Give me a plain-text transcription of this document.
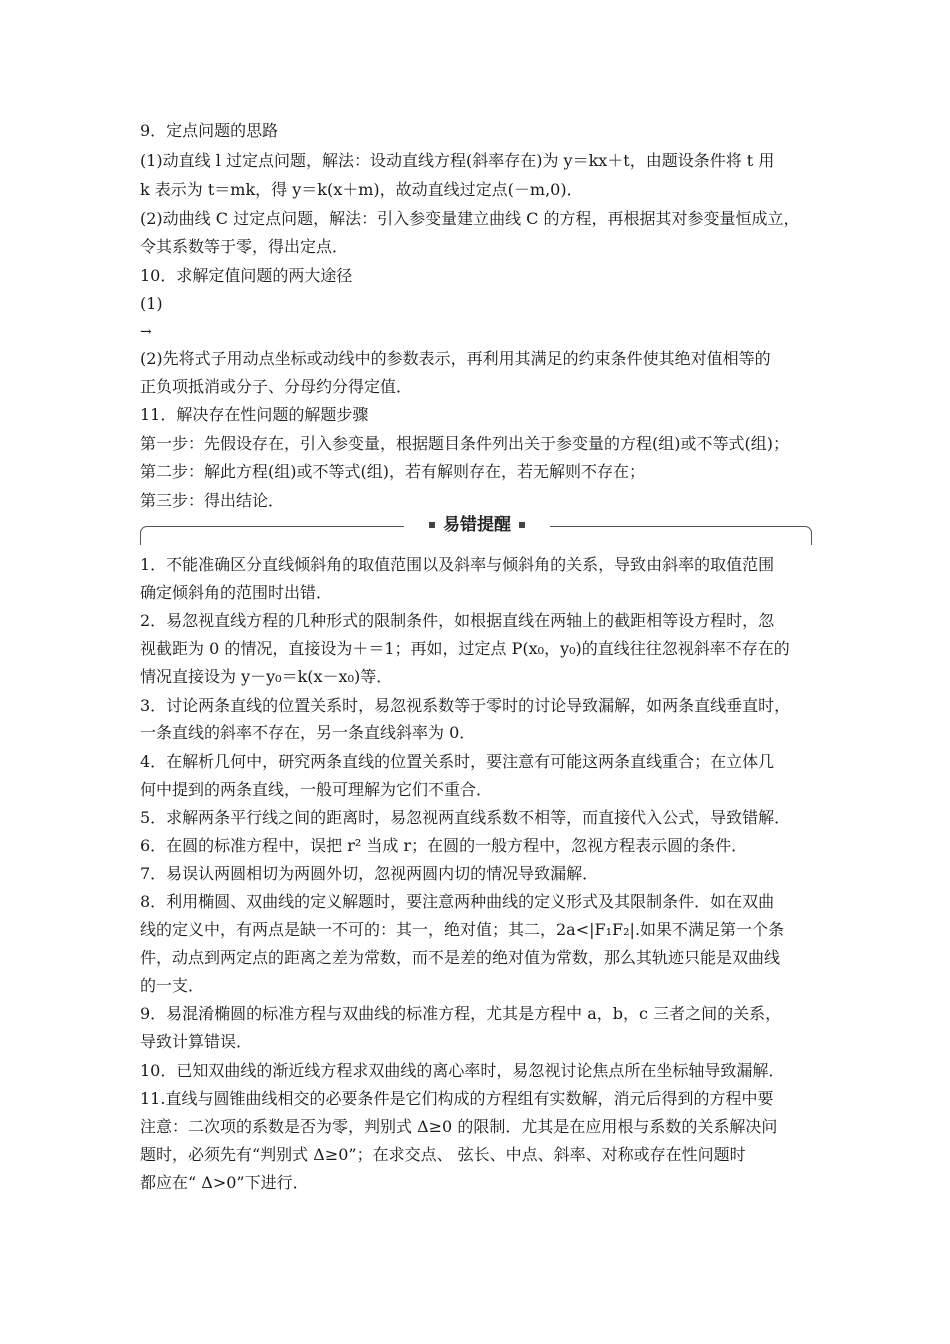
9．定点问题的思路
(1)动直线 l 过定点问题，解法：设动直线方程(斜率存在)为 y＝kx＋t，由题设条件将 t 用
k 表示为 t＝mk，得 y＝k(x＋m)，故动直线过定点(－m,0)．
(2)动曲线 C 过定点问题，解法：引入参变量建立曲线 C 的方程，再根据其对参变量恒成立，
令其系数等于零，得出定点．
10．求解定值问题的两大途径
(1)
→
(2)先将式子用动点坐标或动线中的参数表示，再利用其满足的约束条件使其绝对值相等的
正负项抵消或分子、分母约分得定值．
11．解决存在性问题的解题步骤
第一步：先假设存在，引入参变量，根据题目条件列出关于参变量的方程(组)或不等式(组)；
第二步：解此方程(组)或不等式(组)，若有解则存在，若无解则不存在；
第三步：得出结论．
易错提醒
1．不能准确区分直线倾斜角的取值范围以及斜率与倾斜角的关系，导致由斜率的取值范围
确定倾斜角的范围时出错．
2．易忽视直线方程的几种形式的限制条件，如根据直线在两轴上的截距相等设方程时，忽
视截距为 0 的情况，直接设为＋＝1；再如，过定点 P(x₀，y₀)的直线往往忽视斜率不存在的
情况直接设为 y－y₀＝k(x－x₀)等．
3．讨论两条直线的位置关系时，易忽视系数等于零时的讨论导致漏解，如两条直线垂直时，
一条直线的斜率不存在，另一条直线斜率为 0．
4．在解析几何中，研究两条直线的位置关系时，要注意有可能这两条直线重合；在立体几
何中提到的两条直线，一般可理解为它们不重合．
5．求解两条平行线之间的距离时，易忽视两直线系数不相等，而直接代入公式，导致错解．
6．在圆的标准方程中，误把 r² 当成 r；在圆的一般方程中，忽视方程表示圆的条件．
7．易误认两圆相切为两圆外切，忽视两圆内切的情况导致漏解．
8．利用椭圆、双曲线的定义解题时，要注意两种曲线的定义形式及其限制条件．如在双曲
线的定义中，有两点是缺一不可的：其一，绝对值；其二，2a<|F₁F₂|.如果不满足第一个条
件，动点到两定点的距离之差为常数，而不是差的绝对值为常数，那么其轨迹只能是双曲线
的一支．
9．易混淆椭圆的标准方程与双曲线的标准方程，尤其是方程中 a，b，c 三者之间的关系，
导致计算错误．
10．已知双曲线的渐近线方程求双曲线的离心率时，易忽视讨论焦点所在坐标轴导致漏解．
11.直线与圆锥曲线相交的必要条件是它们构成的方程组有实数解，消元后得到的方程中要
注意：二次项的系数是否为零，判别式 Δ≥0 的限制．尤其是在应用根与系数的关系解决问
题时，必须先有“判别式 Δ≥0”；在求交点、 弦长、中点、斜率、对称或存在性问题时
都应在“ Δ>0”下进行．
